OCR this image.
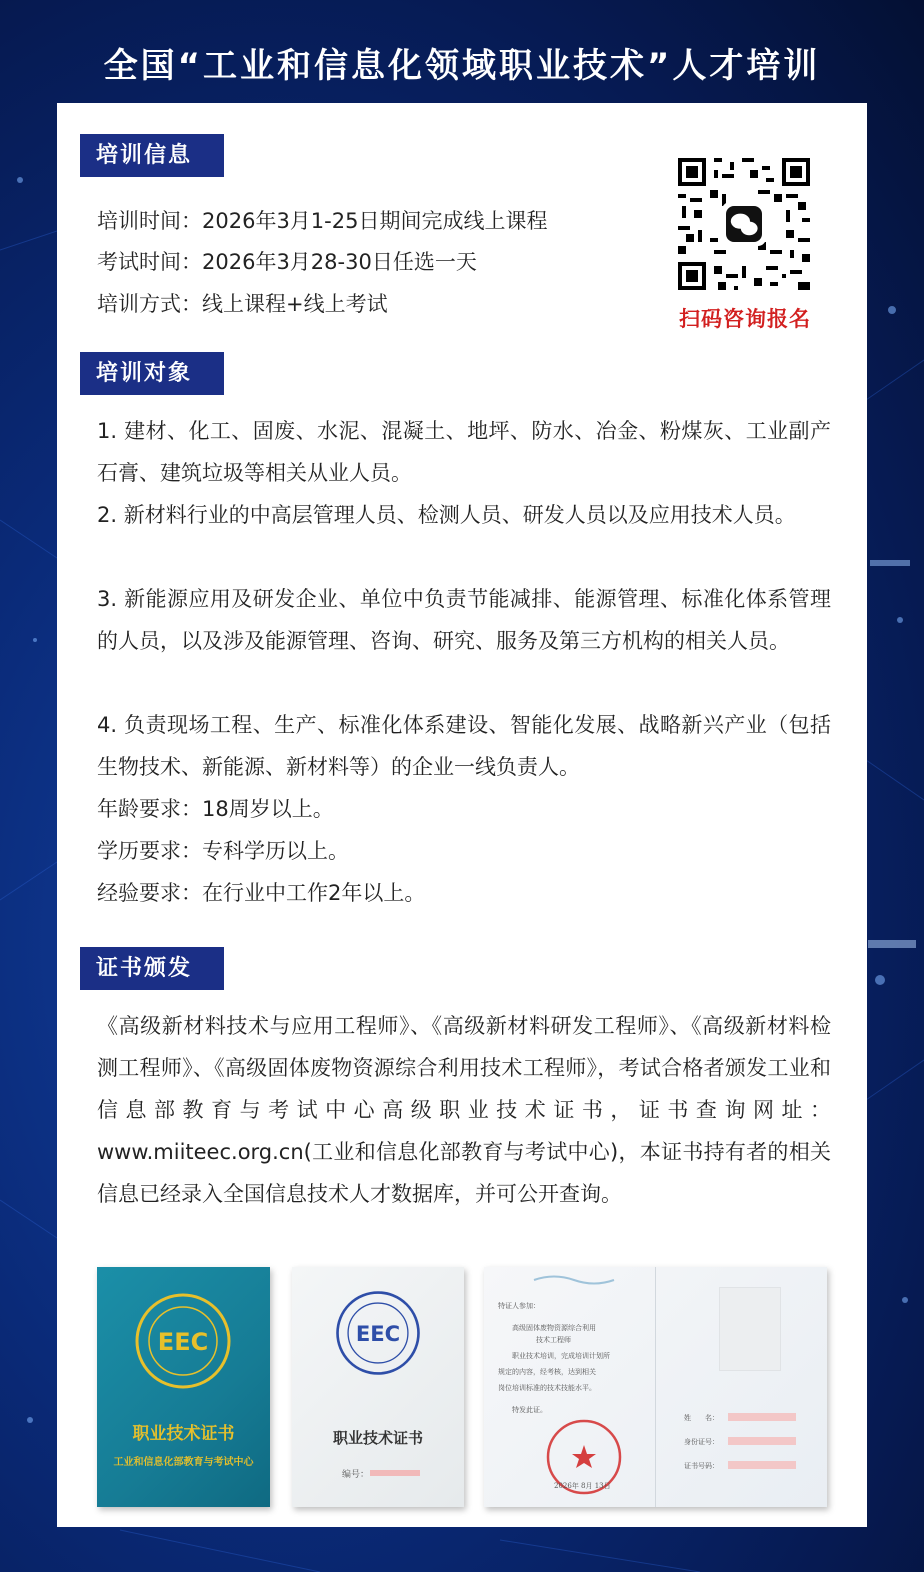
全国“工业和信息化领域职业技术”人才培训
培训信息
培训时间：2026年3月1-25日期间完成线上课程
考试时间：2026年3月28-30日任选一天
培训方式：线上课程+线上考试
扫码咨询报名
培训对象
1. 建材、化工、固废、水泥、混凝土、地坪、防水、冶金、粉煤灰、工业副产石膏、建筑垃圾等相关从业人员。
2. 新材料行业的中高层管理人员、检测人员、研发人员以及应用技术人员。
3. 新能源应用及研发企业、单位中负责节能减排、能源管理、标准化体系管理的人员，以及涉及能源管理、咨询、研究、服务及第三方机构的相关人员。
4. 负责现场工程、生产、标准化体系建设、智能化发展、战略新兴产业（包括生物技术、新能源、新材料等）的企业一线负责人。
年龄要求：18周岁以上。
学历要求：专科学历以上。
经验要求：在行业中工作2年以上。
证书颁发
《高级新材料技术与应用工程师》、《高级新材料研发工程师》、《高级新材料检测工程师》、《高级固体废物资源综合利用技术工程师》，考试合格者颁发工业和信息部教育与考试中心高级职业技术证书，证书查询网址：www.miiteec.org.cn(工业和信息化部教育与考试中心)，本证书持有者的相关信息已经录入全国信息技术人才数据库，并可公开查询。
EEC
职业技术证书
工业和信息化部教育与考试中心
EEC
职业技术证书
编号：
特证人参加：
高级固体废物资源综合利用
技术工程师
职业技术培训，完成培训计划所
规定的内容，经考核，达到相关
岗位培训标准的技术技能水平。
特发此证。
2026年 8月 13日
姓　　名：
身份证号：
证书号码：
